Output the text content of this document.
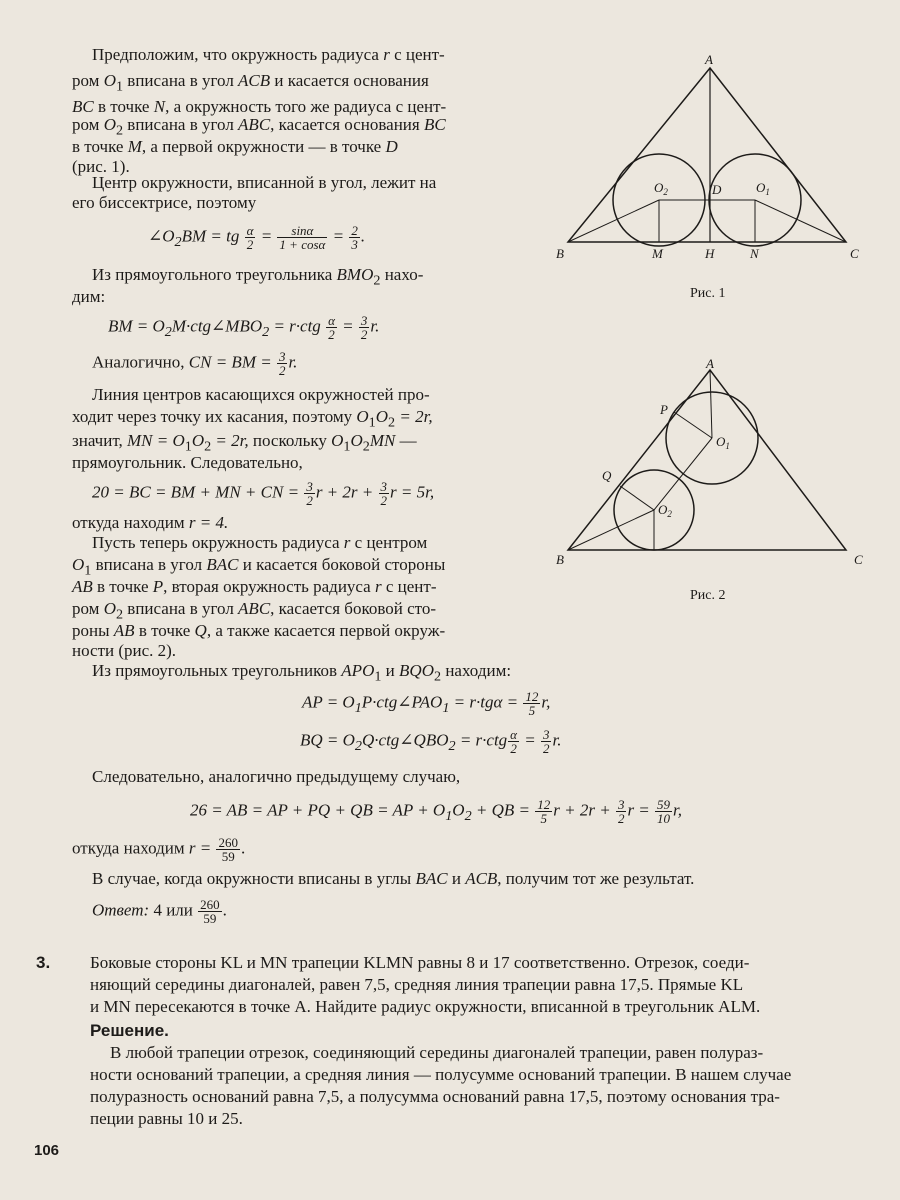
Предположим, что окружность радиуса r с цент-
ром $O_1$ вписана в угол ACB и касается основания
BC в точке N, а окружность того же радиуса с цент-
ром $O_2$ вписана в угол ABC, касается основания BC
в точке M, а первой окружности — в точке D
(рис. 1).
Центр окружности, вписанной в угол, лежит на
его биссектрисе, поэтому
$\angle O_2BM$ = tg $\frac{\alpha}{2} = \frac{\sin\alpha}{1 + \cos\alpha} = \frac{2}{3}$ .
Из прямоугольного треугольника $BMO_2$ нахо-
дим:
BM = $O_2M\cdot ctg\angle MBO_2 = r\cdot ctg \frac{\alpha}{2} = \frac{3}{2} r$.
Аналогично, CN = BM = $\frac{3}{2} r$.
Линия центров касающихся окружностей про-
ходит через точку их касания, поэтому $O_1O_2 = 2r$,
значит, MN = $O_1O_2 = 2r$, поскольку $O_1O_2MN$ —
прямоугольник. Следовательно,
20 = BC = BM + MN + CN = $\frac{3}{2}$ $r + 2r + \frac{3}{2}$ r = 5r,
откуда находим r = 4.
Пусть теперь окружность радиуса r с центром
$O_1$ вписана в угол BAC и касается боковой стороны
AB в точке P, вторая окружность радиуса r с цент-
ром $O_2$ вписана в угол ABC, касается боковой сто-
роны AB в точке Q, а также касается первой окруж-
ности (рис. 2).
Из прямоугольных треугольников $APO_1$ и $BQO_2$ находим:
AP = $O_1P\cdot ctg\angle PAO_1 = r\cdot tg\alpha = \frac{12}{5} r$,
BQ = $O_2Q\cdot ctg\angle QBO_2 = r\cdot ctg \frac{\alpha}{2} = \frac{3}{2} r$.
Следовательно, аналогично предыдущему случаю,
26 = AB = AP + PQ + QB = AP + $O_1O_2$ + QB = $\frac{12}{5}$ $r + 2r + \frac{3}{2}$ $r = \frac{59}{10} r$,
откуда находим $r = \frac{260}{59}$ .
В случае, когда окружности вписаны в углы BAC и ACB, получим тот же результат.
Ответ: 4 или $\frac{260}{59}$ .
3. Боковые стороны KL и MN трапеции KLMN равны 8 и 17 соответственно. Отрезок, соеди-
няющий середины диагоналей, равен 7,5, средняя линия трапеции равна 17,5. Прямые KL
и MN пересекаются в точке A. Найдите радиус окружности, вписанной в треугольник ALM.
Решение.
В любой трапеции отрезок, соединяющий середины диагоналей трапеции, равен полураз-
ности оснований трапеции, а средняя линия — полусумме оснований трапеции. В нашем случае
полуразность оснований равна 7,5, а полусумма оснований равна 17,5, поэтому основания тра-
пеции равны 10 и 25.
106
A
B	C
M	H	N
D
$O_2$	$O_1$
Рис. 1
A
B	C
P
Q
$O_1$
$O_2$
Рис. 2
